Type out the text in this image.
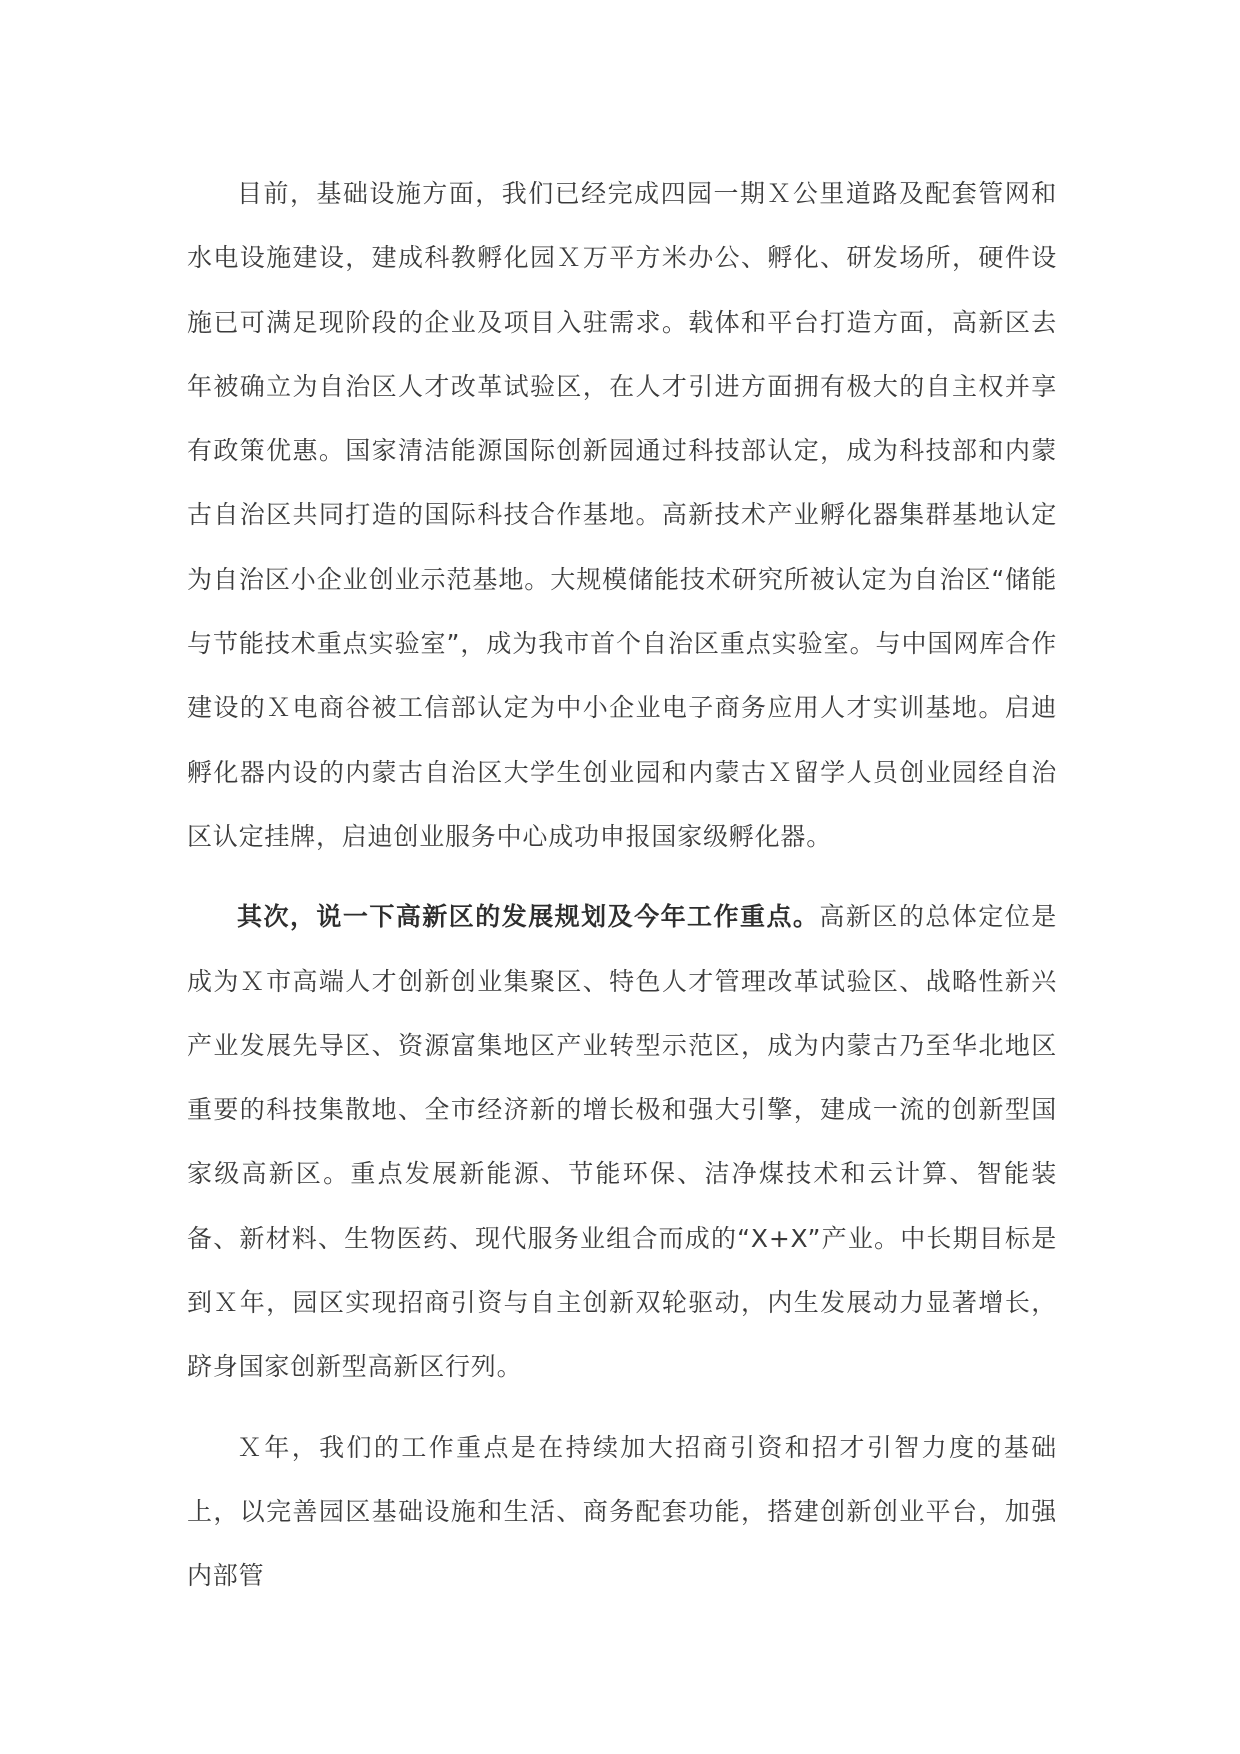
目前，基础设施方面，我们已经完成四园一期Ｘ公里道路及配套管网和水电设施建设，建成科教孵化园Ｘ万平方米办公、孵化、研发场所，硬件设施已可满足现阶段的企业及项目入驻需求。载体和平台打造方面，高新区去年被确立为自治区人才改革试验区，在人才引进方面拥有极大的自主权并享有政策优惠。国家清洁能源国际创新园通过科技部认定，成为科技部和内蒙古自治区共同打造的国际科技合作基地。高新技术产业孵化器集群基地认定为自治区小企业创业示范基地。大规模储能技术研究所被认定为自治区“储能与节能技术重点实验室”，成为我市首个自治区重点实验室。与中国网库合作建设的Ｘ电商谷被工信部认定为中小企业电子商务应用人才实训基地。启迪孵化器内设的内蒙古自治区大学生创业园和内蒙古Ｘ留学人员创业园经自治区认定挂牌，启迪创业服务中心成功申报国家级孵化器。

其次，说一下高新区的发展规划及今年工作重点。高新区的总体定位是成为Ｘ市高端人才创新创业集聚区、特色人才管理改革试验区、战略性新兴产业发展先导区、资源富集地区产业转型示范区，成为内蒙古乃至华北地区重要的科技集散地、全市经济新的增长极和强大引擎，建成一流的创新型国家级高新区。重点发展新能源、节能环保、洁净煤技术和云计算、智能装备、新材料、生物医药、现代服务业组合而成的“X+X”产业。中长期目标是到Ｘ年，园区实现招商引资与自主创新双轮驱动，内生发展动力显著增长，跻身国家创新型高新区行列。

Ｘ年，我们的工作重点是在持续加大招商引资和招才引智力度的基础上，以完善园区基础设施和生活、商务配套功能，搭建创新创业平台，加强内部管
